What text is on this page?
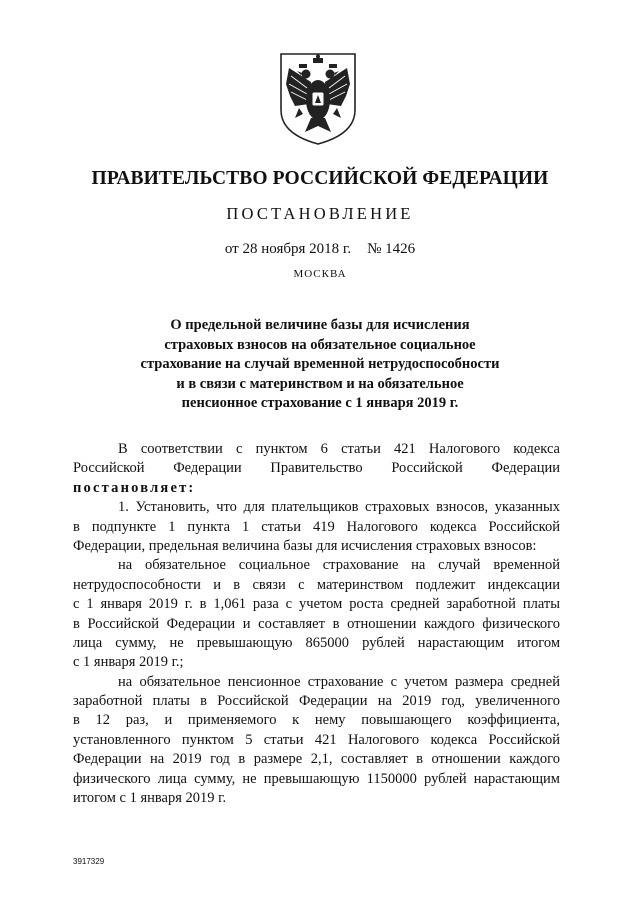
ПРАВИТЕЛЬСТВО РОССИЙСКОЙ ФЕДЕРАЦИИ
ПОСТАНОВЛЕНИЕ
от 28 ноября 2018 г. № 1426
МОСКВА
О предельной величине базы для исчисления
страховых взносов на обязательное социальное
страхование на случай временной нетрудоспособности
и в связи с материнством и на обязательное
пенсионное страхование с 1 января 2019 г.
В соответствии с пунктом 6 статьи 421 Налогового кодекса
Российской Федерации Правительство Российской Федерации
постановляет:
1. Установить, что для плательщиков страховых взносов, указанных
в подпункте 1 пункта 1 статьи 419 Налогового кодекса Российской
Федерации, предельная величина базы для исчисления страховых взносов:
на обязательное социальное страхование на случай временной
нетрудоспособности и в связи с материнством подлежит индексации
с 1 января 2019 г. в 1,061 раза с учетом роста средней заработной платы
в Российской Федерации и составляет в отношении каждого физического
лица сумму, не превышающую 865000 рублей нарастающим итогом
с 1 января 2019 г.;
на обязательное пенсионное страхование с учетом размера средней
заработной платы в Российской Федерации на 2019 год, увеличенного
в 12 раз, и применяемого к нему повышающего коэффициента,
установленного пунктом 5 статьи 421 Налогового кодекса Российской
Федерации на 2019 год в размере 2,1, составляет в отношении каждого
физического лица сумму, не превышающую 1150000 рублей нарастающим
итогом с 1 января 2019 г.
3917329
